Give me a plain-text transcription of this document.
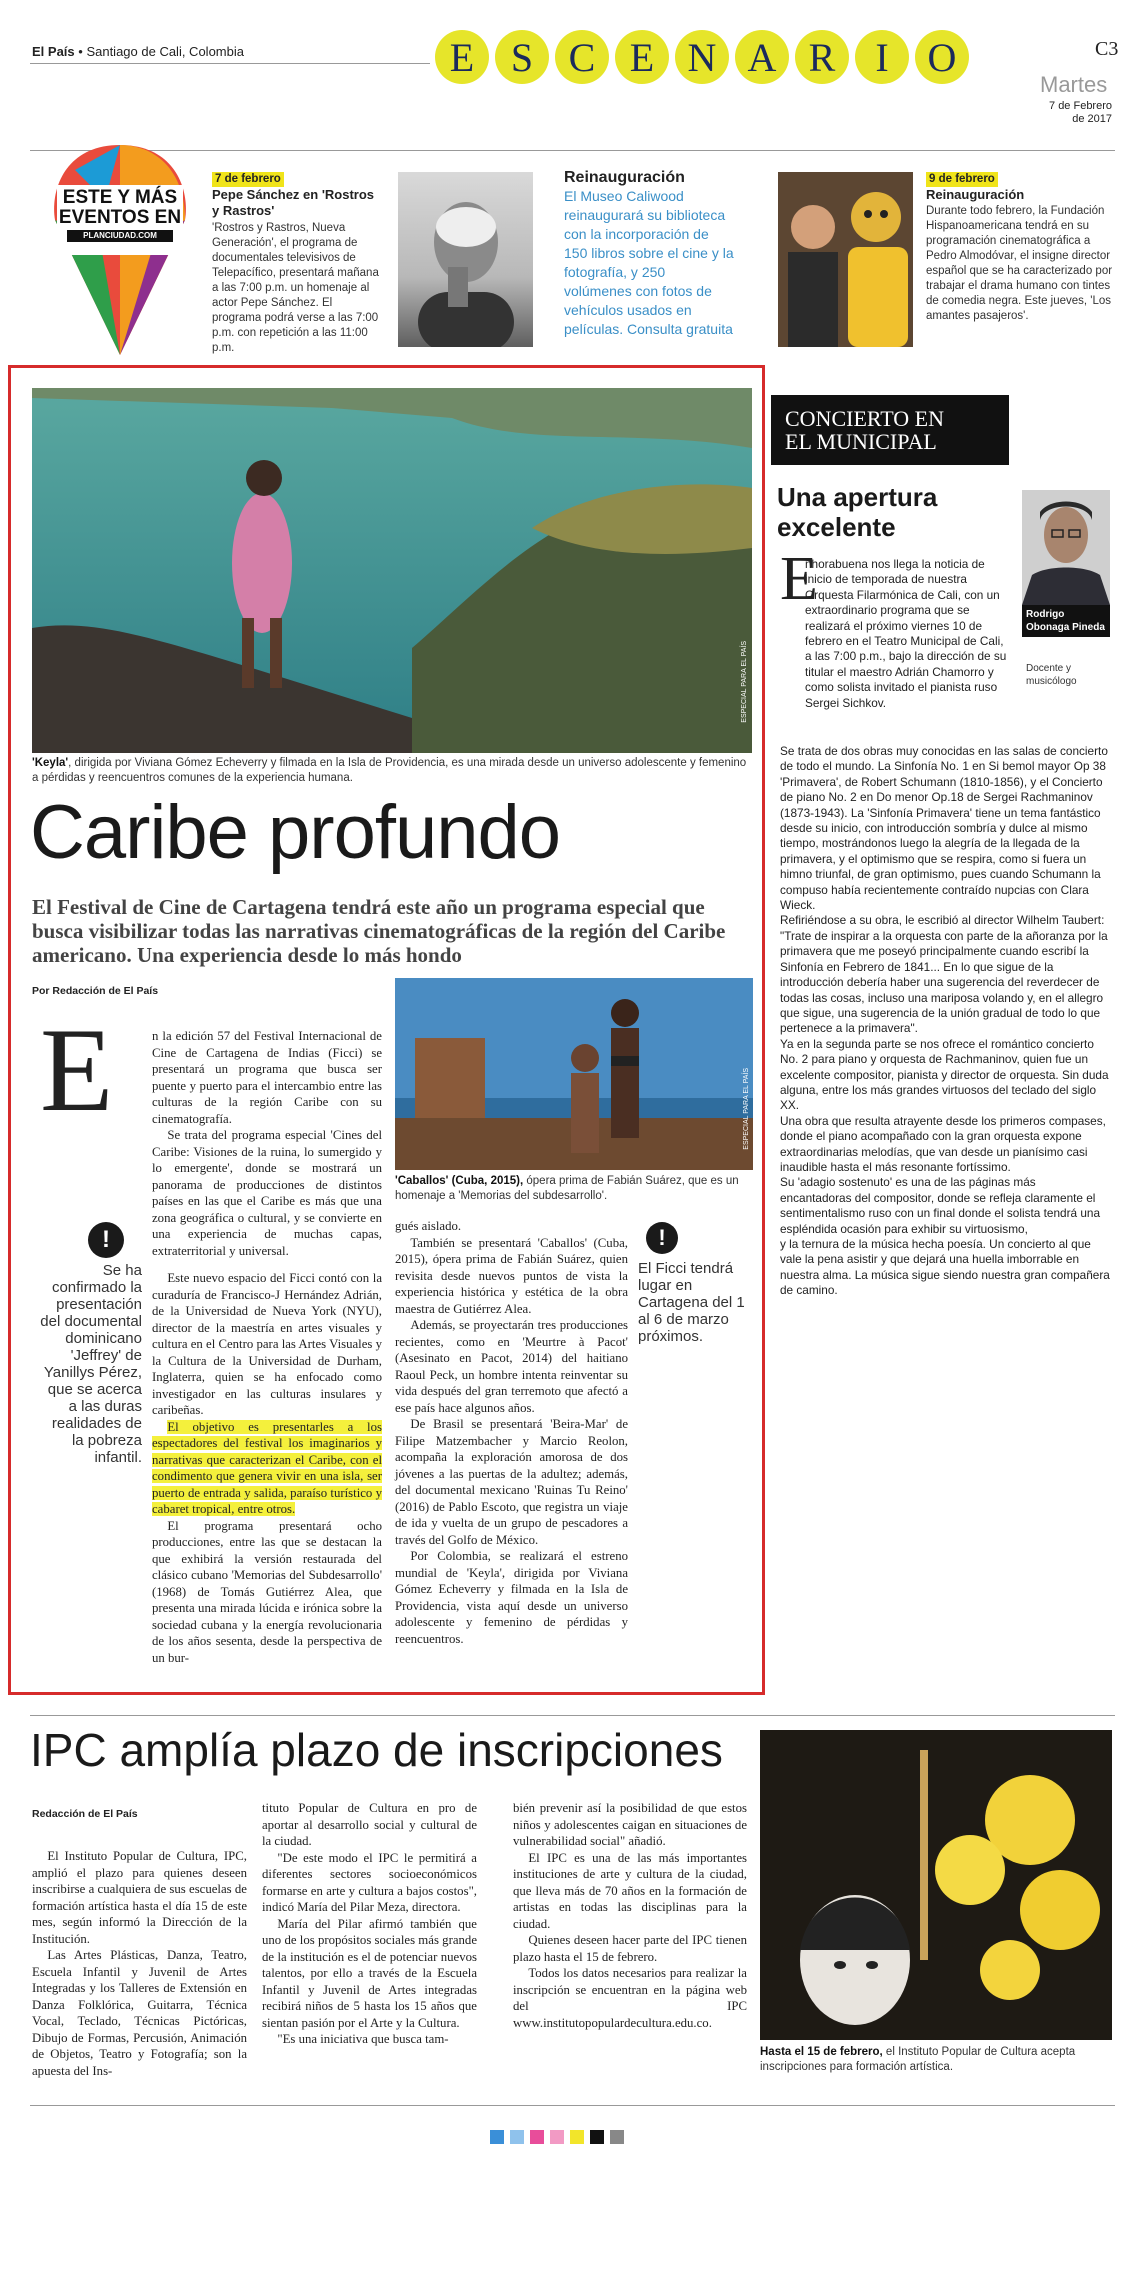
El País • Santiago de Cali, Colombia	E S C E N A R I O	C3
Martes
7 de Febrero
de 2017
ESTE Y MÁS
EVENTOS EN
PLANCIUDAD.COM
7 de febrero
Pepe Sánchez en 'Rostros y Rastros'
'Rostros y Rastros, Nueva Generación', el programa de documentales televisivos de Telepacífico, presentará mañana a las 7:00 p.m. un homenaje al actor Pepe Sánchez. El programa podrá verse a las 7:00 p.m. con repetición a las 11:00 p.m.
Reinauguración
El Museo Caliwood reinaugurará su biblioteca con la incorporación de 150 libros sobre el cine y la fotografía, y 250 volúmenes con fotos de vehículos usados en películas. Consulta gratuita
9 de febrero
Reinauguración
Durante todo febrero, la Fundación Hispanoamericana tendrá en su programación cinematográfica a Pedro Almodóvar, el insigne director español que se ha caracterizado por trabajar el drama humano con tintes de comedia negra. Este jueves, 'Los amantes pasajeros'.
ESPECIAL PARA EL PAÍS
'Keyla', dirigida por Viviana Gómez Echeverry y filmada en la Isla de Providencia, es una mirada desde un universo adolescente y femenino a pérdidas y reencuentros comunes de la experiencia humana.
Caribe profundo
El Festival de Cine de Cartagena tendrá este año un programa especial que busca visibilizar todas las narrativas cinematográficas de la región del Caribe americano. Una experiencia desde lo más hondo
Por Redacción de El País
E	n la edición 57 del Festival Internacional de Cine de Cartagena de Indias (Ficci) se presentará un programa que busca ser puente y puerto para el intercambio entre las culturas de la región Caribe con su cinematografía.

Se trata del programa especial 'Cines del Caribe: Visiones de la ruina, lo sumergido y lo emergente', donde se mostrará un panorama de producciones de distintos países en las que el Caribe es más que una zona geográfica o cultural, y se convierte en una experiencia de muchas capas, extraterritorial y universal.

!
Se ha confirmado la presentación del documental dominicano 'Jeffrey' de Yanillys Pérez, que se acerca a las duras realidades de la pobreza infantil.

Este nuevo espacio del Ficci contó con la curaduría de Francisco-J Hernández Adrián, de la Universidad de Nueva York (NYU), director de la maestría en artes visuales y cultura en el Centro para las Artes Visuales y la Cultura de la Universidad de Durham, Inglaterra, quien se ha enfocado como investigador en las culturas insulares y caribeñas.

El objetivo es presentarles a los espectadores del festival los imaginarios y narrativas que caracterizan el Caribe, con el condimento que genera vivir en una isla, ser puerto de entrada y salida, paraíso turístico y cabaret tropical, entre otros.

El programa presentará ocho producciones, entre las que se destacan la que exhibirá la versión restaurada del clásico cubano 'Memorias del Subdesarrollo' (1968) de Tomás Gutiérrez Alea, que presenta una mirada lúcida e irónica sobre la sociedad cubana y la energía revolucionaria de los años sesenta, desde la perspectiva de un bur-

ESPECIAL PARA EL PAÍS
'Caballos' (Cuba, 2015), ópera prima de Fabián Suárez, que es un homenaje a 'Memorias del subdesarrollo'.

gués aislado.

También se presentará 'Caballos' (Cuba, 2015), ópera prima de Fabián Suárez, quien revisita desde nuevos puntos de vista la experiencia histórica y estética de la obra maestra de Gutiérrez Alea.

Además, se proyectarán tres producciones recientes, como en 'Meurtre à Pacot' (Asesinato en Pacot, 2014) del haitiano Raoul Peck, un hombre intenta reinventar su vida después del gran terremoto que afectó a ese país hace algunos años.

De Brasil se presentará 'Beira-Mar' de Filipe Matzembacher y Marcio Reolon, acompaña la exploración amorosa de dos jóvenes a las puertas de la adultez; además, del documental mexicano 'Ruinas Tu Reino' (2016) de Pablo Escoto, que registra un viaje de ida y vuelta de un grupo de pescadores a través del Golfo de México.

Por Colombia, se realizará el estreno mundial de 'Keyla', dirigida por Viviana Gómez Echeverry y filmada en la Isla de Providencia, vista aquí desde un universo adolescente y femenino de pérdidas y reencuentros.

!
El Ficci tendrá lugar en Cartagena del 1 al 6 de marzo próximos.
CONCIERTO EN
EL MUNICIPAL
Una apertura excelente
Rodrigo Obonaga Pineda
Docente y musicólogo
E
nhorabuena nos llega la noticia de inicio de temporada de nuestra Orquesta Filarmónica de Cali, con un extraordinario programa que se realizará el próximo viernes 10 de febrero en el Teatro Municipal de Cali, a las 7:00 p.m., bajo la dirección de su titular el maestro Adrián Chamorro y como solista invitado el pianista ruso Sergei Sichkov.

Se trata de dos obras muy conocidas en las salas de concierto de todo el mundo. La Sinfonía No. 1 en Si bemol mayor Op 38 'Primavera', de Robert Schumann (1810-1856), y el Concierto de piano No. 2 en Do menor Op.18 de Sergei Rachmaninov (1873-1943). La 'Sinfonía Primavera' tiene un tema fantástico desde su inicio, con introducción sombría y dulce al mismo tiempo, mostrándonos luego la alegría de la llegada de la primavera, y el optimismo que se respira, como si fuera un himno triunfal, de gran optimismo, pues cuando Schumann la compuso había recientemente contraído nupcias con Clara Wieck.

Refiriéndose a su obra, le escribió al director Wilhelm Taubert: "Trate de inspirar a la orquesta con parte de la añoranza por la primavera que me poseyó principalmente cuando escribí la Sinfonía en Febrero de 1841... En lo que sigue de la introducción debería haber una sugerencia del reverdecer de todas las cosas, incluso una mariposa volando y, en el allegro que sigue, una sugerencia de la unión gradual de todo lo que pertenece a la primavera".

Ya en la segunda parte se nos ofrece el romántico concierto No. 2 para piano y orquesta de Rachmaninov, quien fue un excelente compositor, pianista y director de orquesta. Sin duda alguna, entre los más grandes virtuosos del teclado del siglo XX.

Una obra que resulta atrayente desde los primeros compases, donde el piano acompañado con la gran orquesta expone extraordinarias melodías, que van desde un pianísimo casi inaudible hasta el más resonante fortíssimo.

Su 'adagio sostenuto' es una de las páginas más encantadoras del compositor, donde se refleja claramente el sentimentalismo ruso con un final donde el solista tendrá una espléndida ocasión para exhibir su virtuosismo,

y la ternura de la música hecha poesía. Un concierto al que vale la pena asistir y que dejará una huella imborrable en nuestra alma. La música sigue siendo nuestra gran compañera de camino.

IPC amplía plazo de inscripciones
Redacción de El País

El Instituto Popular de Cultura, IPC, amplió el plazo para quienes deseen inscribirse a cualquiera de sus escuelas de formación artística hasta el día 15 de este mes, según informó la Dirección de la Institución.

Las Artes Plásticas, Danza, Teatro, Escuela Infantil y Juvenil de Artes Integradas y los Talleres de Extensión en Danza Folklórica, Guitarra, Técnica Vocal, Teclado, Técnicas Pictóricas, Dibujo de Formas, Percusión, Animación de Objetos, Teatro y Fotografía; son la apuesta del Ins-

tituto Popular de Cultura en pro de aportar al desarrollo social y cultural de la ciudad.

"De este modo el IPC le permitirá a diferentes sectores socioeconómicos formarse en arte y cultura a bajos costos", indicó María del Pilar Meza, directora.

María del Pilar afirmó también que uno de los propósitos sociales más grande de la institución es el de potenciar nuevos talentos, por ello a través de la Escuela Infantil y Juvenil de Artes integradas recibirá niños de 5 hasta los 15 años que sientan pasión por el Arte y la Cultura.

"Es una iniciativa que busca tam-

bién prevenir así la posibilidad de que estos niños y adolescentes caigan en situaciones de vulnerabilidad social" añadió.

El IPC es una de las más importantes instituciones de arte y cultura de la ciudad, que lleva más de 70 años en la formación de artistas en todas las disciplinas para la ciudad.

Quienes deseen hacer parte del IPC tienen plazo hasta el 15 de febrero.

Todos los datos necesarios para realizar la inscripción se encuentran en la página web del IPC www.institutopopulardecultura.edu.co.

Hasta el 15 de febrero, el Instituto Popular de Cultura acepta inscripciones para formación artística.
